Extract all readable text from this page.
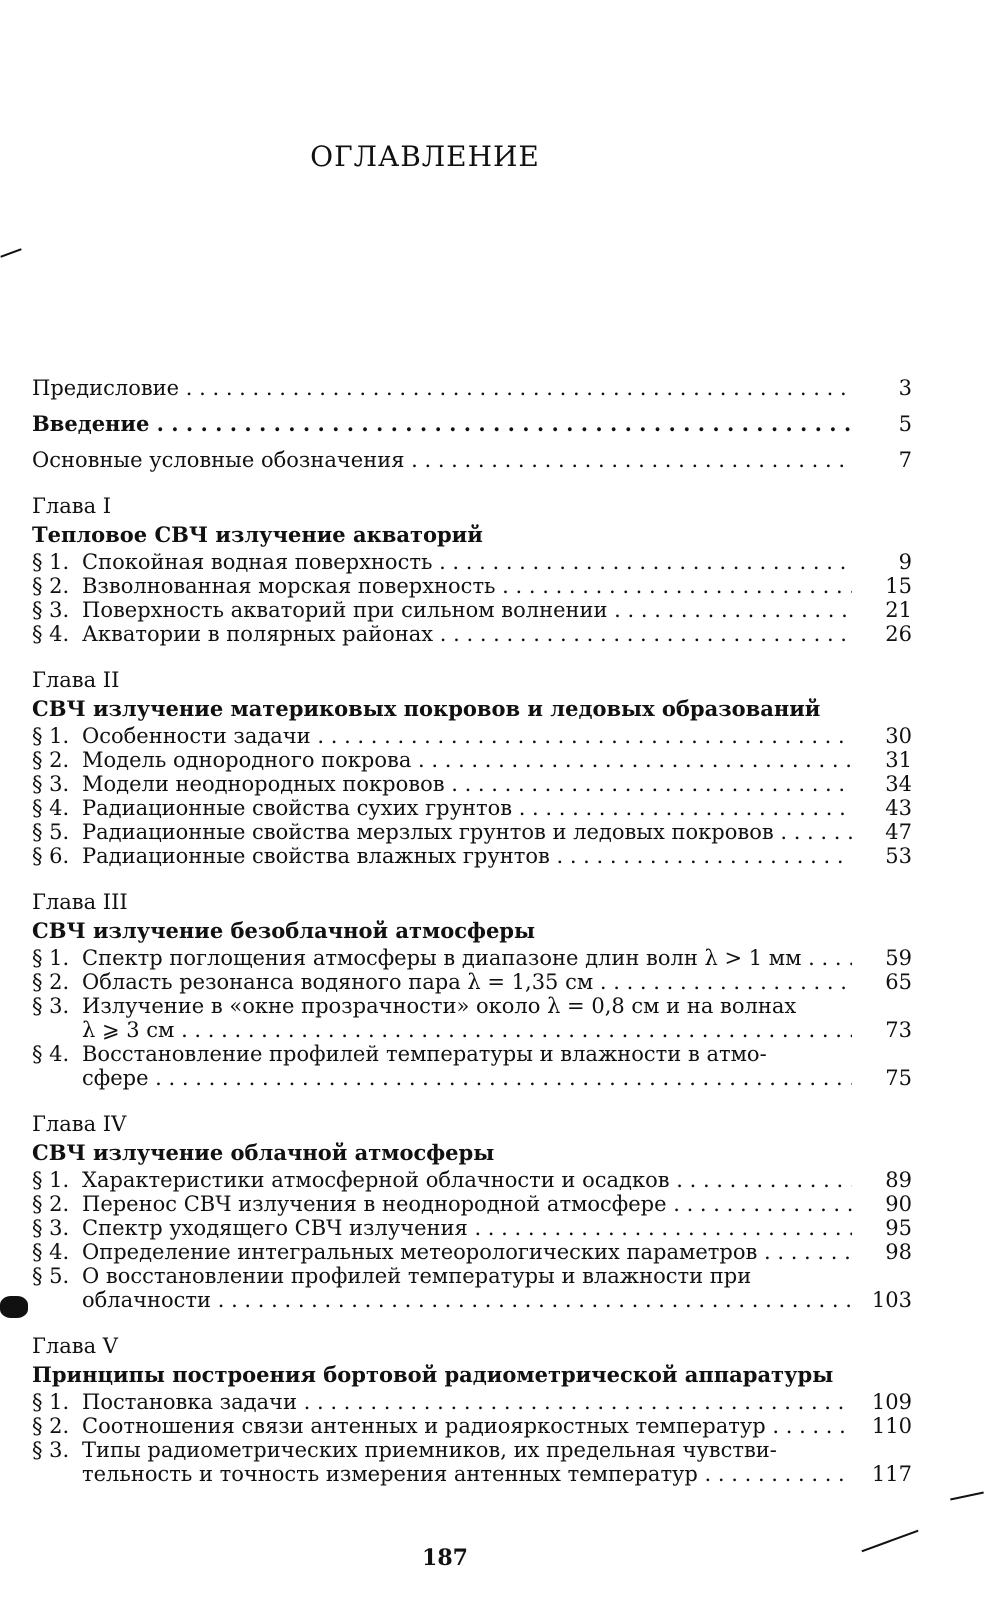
ОГЛАВЛЕНИЕ
Предисловие . . .	3
Введение . . .	5
Основные условные обозначения . . .	7
Глава I
Тепловое СВЧ излучение акваторий
§ 1. Спокойная водная поверхность . . .	9
§ 2. Взволнованная морская поверхность . . .	15
§ 3. Поверхность акваторий при сильном волнении . . .	21
§ 4. Акватории в полярных районах . . .	26
Глава II
СВЧ излучение материковых покровов и ледовых образований
§ 1. Особенности задачи . . .	30
§ 2. Модель однородного покрова . . .	31
§ 3. Модели неоднородных покровов . . .	34
§ 4. Радиационные свойства сухих грунтов . . .	43
§ 5. Радиационные свойства мерзлых грунтов и ледовых покровов . . .	47
§ 6. Радиационные свойства влажных грунтов . . .	53
Глава III
СВЧ излучение безоблачной атмосферы
§ 1. Спектр поглощения атмосферы в диапазоне длин волн λ > 1 мм . . .	59
§ 2. Область резонанса водяного пара λ = 1,35 см . . .	65
§ 3. Излучение в «окне прозрачности» около λ = 0,8 см и на волнах
λ ⩾ 3 см . . .	73
§ 4. Восстановление профилей температуры и влажности в атмо-
сфере . . .	75
Глава IV
СВЧ излучение облачной атмосферы
§ 1. Характеристики атмосферной облачности и осадков . . .	89
§ 2. Перенос СВЧ излучения в неоднородной атмосфере . . .	90
§ 3. Спектр уходящего СВЧ излучения . . .	95
§ 4. Определение интегральных метеорологических параметров . . .	98
§ 5. О восстановлении профилей температуры и влажности при
облачности . . .	103
Глава V
Принципы построения бортовой радиометрической аппаратуры
§ 1. Постановка задачи . . .	109
§ 2. Соотношения связи антенных и радиояркостных температур . . .	110
§ 3. Типы радиометрических приемников, их предельная чувстви-
тельность и точность измерения антенных температур . . .	117
187
